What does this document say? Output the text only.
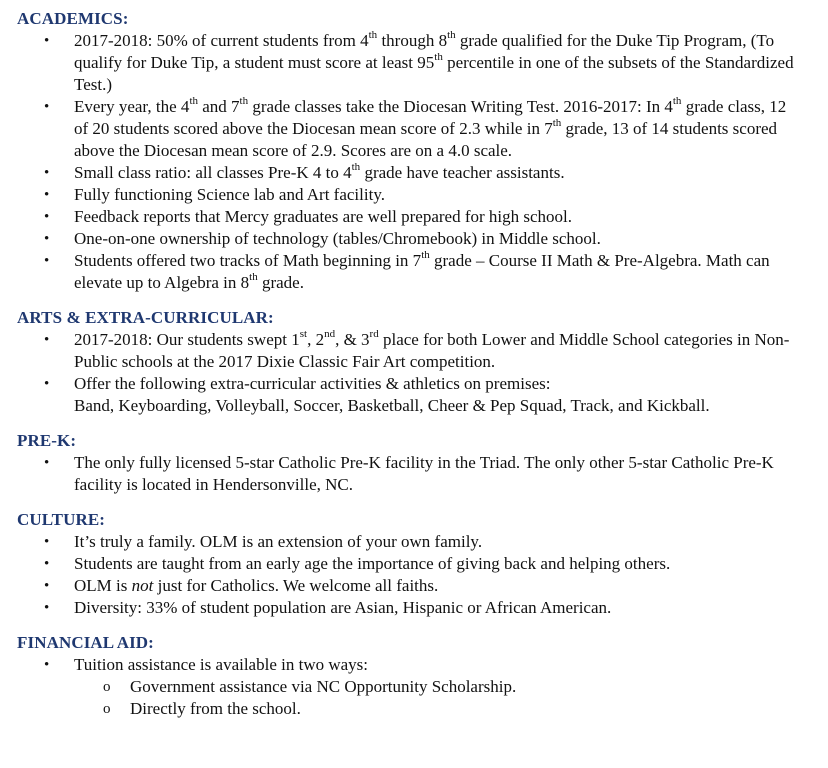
ACADEMICS:
• 2017-2018: 50% of current students from 4th through 8th grade qualified for the Duke Tip Program, (To qualify for Duke Tip, a student must score at least 95th percentile in one of the subsets of the Standardized Test.)
• Every year, the 4th and 7th grade classes take the Diocesan Writing Test. 2016-2017: In 4th grade class, 12 of 20 students scored above the Diocesan mean score of 2.3 while in 7th grade, 13 of 14 students scored above the Diocesan mean score of 2.9. Scores are on a 4.0 scale.
• Small class ratio: all classes Pre-K 4 to 4th grade have teacher assistants.
• Fully functioning Science lab and Art facility.
• Feedback reports that Mercy graduates are well prepared for high school.
• One-on-one ownership of technology (tables/Chromebook) in Middle school.
• Students offered two tracks of Math beginning in 7th grade – Course II Math & Pre-Algebra. Math can elevate up to Algebra in 8th grade.
ARTS & EXTRA-CURRICULAR:
• 2017-2018: Our students swept 1st, 2nd, & 3rd place for both Lower and Middle School categories in Non-Public schools at the 2017 Dixie Classic Fair Art competition.
• Offer the following extra-curricular activities & athletics on premises:
Band, Keyboarding, Volleyball, Soccer, Basketball, Cheer & Pep Squad, Track, and Kickball.
PRE-K:
• The only fully licensed 5-star Catholic Pre-K facility in the Triad. The only other 5-star Catholic Pre-K facility is located in Hendersonville, NC.
CULTURE:
• It’s truly a family. OLM is an extension of your own family.
• Students are taught from an early age the importance of giving back and helping others.
• OLM is not just for Catholics. We welcome all faiths.
• Diversity: 33% of student population are Asian, Hispanic or African American.
FINANCIAL AID:
• Tuition assistance is available in two ways:
o Government assistance via NC Opportunity Scholarship.
o Directly from the school.
